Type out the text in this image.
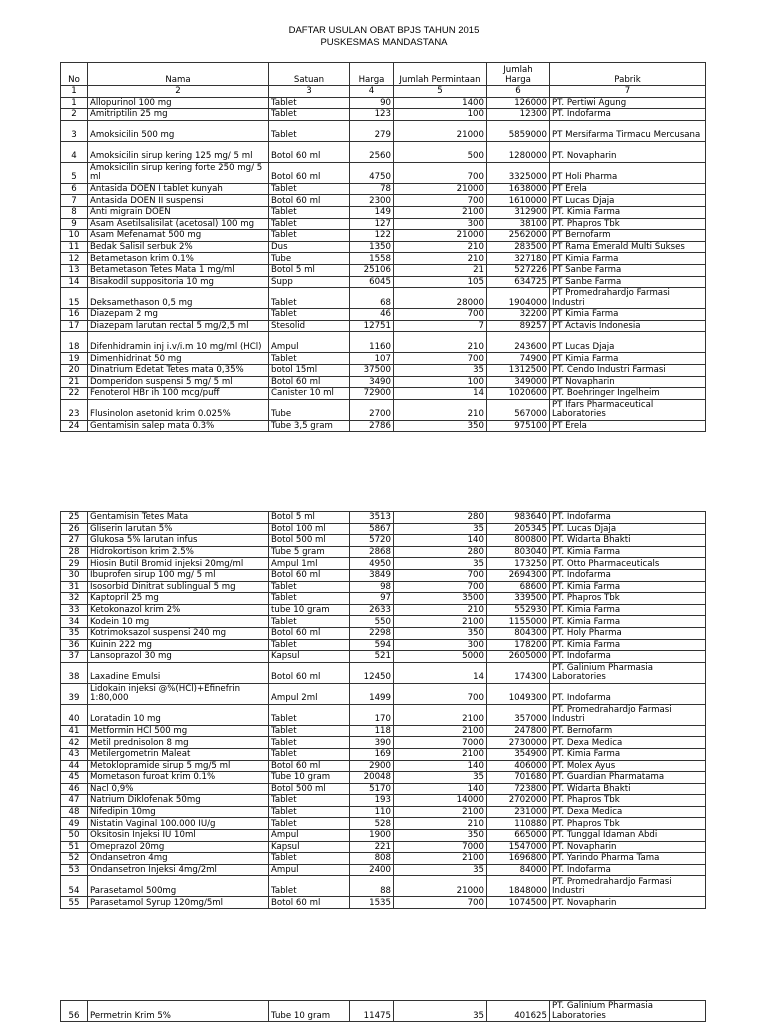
DAFTAR USULAN OBAT BPJS TAHUN 2015
PUSKESMAS MANDASTANA
No	Nama	Satuan	Harga	Jumlah Permintaan	Jumlah Harga	Pabrik
1	2	3	4	5	6	7
1	Allopurinol 100 mg	Tablet	90	1400	126000	PT. Pertiwi Agung
2	Amitriptilin 25 mg	Tablet	123	100	12300	PT. Indofarma
3	Amoksicilin 500 mg	Tablet	279	21000	5859000	PT Mersifarma Tirmacu Mercusana
4	Amoksicilin sirup kering 125 mg/ 5 ml	Botol 60 ml	2560	500	1280000	PT. Novapharin
5	Amoksicilin sirup kering forte 250 mg/ 5 ml	Botol 60 ml	4750	700	3325000	PT Holi Pharma
6	Antasida DOEN I tablet kunyah	Tablet	78	21000	1638000	PT Erela
7	Antasida DOEN II suspensi	Botol 60 ml	2300	700	1610000	PT Lucas Djaja
8	Anti migrain DOEN	Tablet	149	2100	312900	PT. Kimia Farma
9	Asam Asetilsalisilat (acetosal) 100 mg	Tablet	127	300	38100	PT. Phapros Tbk
10	Asam Mefenamat 500 mg	Tablet	122	21000	2562000	PT Bernofarm
11	Bedak Salisil serbuk 2%	Dus	1350	210	283500	PT Rama Emerald Multi Sukses
12	Betametason krim 0.1%	Tube	1558	210	327180	PT Kimia Farma
13	Betametason Tetes Mata 1 mg/ml	Botol 5 ml	25106	21	527226	PT Sanbe Farma
14	Bisakodil suppositoria 10 mg	Supp	6045	105	634725	PT Sanbe Farma
15	Deksamethason 0,5 mg	Tablet	68	28000	1904000	PT Promedrahardjo Farmasi Industri
16	Diazepam 2 mg	Tablet	46	700	32200	PT Kimia Farma
17	Diazepam larutan rectal 5 mg/2,5 ml	Stesolid	12751	7	89257	PT Actavis Indonesia
18	Difenhidramin inj i.v/i.m 10 mg/ml (HCl)	Ampul	1160	210	243600	PT Lucas Djaja
19	Dimenhidrinat 50 mg	Tablet	107	700	74900	PT Kimia Farma
20	Dinatrium Edetat Tetes mata 0,35%	botol 15ml	37500	35	1312500	PT. Cendo Industri Farmasi
21	Domperidon suspensi 5 mg/ 5 ml	Botol 60 ml	3490	100	349000	PT Novapharin
22	Fenoterol HBr ih 100 mcg/puff	Canister 10 ml	72900	14	1020600	PT. Boehringer Ingelheim
23	Flusinolon asetonid krim 0.025%	Tube	2700	210	567000	PT Ifars Pharmaceutical Laboratories
24	Gentamisin salep mata 0.3%	Tube 3,5 gram	2786	350	975100	PT Erela
25	Gentamisin Tetes Mata	Botol 5 ml	3513	280	983640	PT. Indofarma
26	Gliserin larutan 5%	Botol 100 ml	5867	35	205345	PT. Lucas Djaja
27	Glukosa 5% larutan infus	Botol 500 ml	5720	140	800800	PT. Widarta Bhakti
28	Hidrokortison krim 2.5%	Tube 5 gram	2868	280	803040	PT. Kimia Farma
29	Hiosin Butil Bromid injeksi 20mg/ml	Ampul 1ml	4950	35	173250	PT. Otto Pharmaceuticals
30	Ibuprofen sirup 100 mg/ 5 ml	Botol 60 ml	3849	700	2694300	PT. Indofarma
31	Isosorbid Dinitrat sublingual 5 mg	Tablet	98	700	68600	PT. Kimia Farma
32	Kaptopril 25 mg	Tablet	97	3500	339500	PT. Phapros Tbk
33	Ketokonazol krim 2%	tube 10 gram	2633	210	552930	PT. Kimia Farma
34	Kodein 10 mg	Tablet	550	2100	1155000	PT. Kimia Farma
35	Kotrimoksazol suspensi 240 mg	Botol 60 ml	2298	350	804300	PT. Holy Pharma
36	Kuinin 222 mg	Tablet	594	300	178200	PT. Kimia Farma
37	Lansoprazol 30 mg	Kapsul	521	5000	2605000	PT. Indofarma
38	Laxadine Emulsi	Botol 60 ml	12450	14	174300	PT. Galinium Pharmasia Laboratories
39	Lidokain injeksi @%(HCl)+Efinefrin 1:80,000	Ampul 2ml	1499	700	1049300	PT. Indofarma
40	Loratadin 10 mg	Tablet	170	2100	357000	PT. Promedrahardjo Farmasi Industri
41	Metformin HCl 500 mg	Tablet	118	2100	247800	PT. Bernofarm
42	Metil prednisolon 8 mg	Tablet	390	7000	2730000	PT. Dexa Medica
43	Metilergometrin Maleat	Tablet	169	2100	354900	PT. Kimia Farma
44	Metoklopramide sirup 5 mg/5 ml	Botol 60 ml	2900	140	406000	PT. Molex Ayus
45	Mometason furoat krim 0.1%	Tube 10 gram	20048	35	701680	PT. Guardian Pharmatama
46	Nacl 0,9%	Botol 500 ml	5170	140	723800	PT. Widarta Bhakti
47	Natrium Diklofenak 50mg	Tablet	193	14000	2702000	PT. Phapros Tbk
48	Nifedipin 10mg	Tablet	110	2100	231000	PT. Dexa Medica
49	Nistatin Vaginal 100.000 IU/g	Tablet	528	210	110880	PT. Phapros Tbk
50	Oksitosin Injeksi IU 10ml	Ampul	1900	350	665000	PT. Tunggal Idaman Abdi
51	Omeprazol 20mg	Kapsul	221	7000	1547000	PT. Novapharin
52	Ondansetron 4mg	Tablet	808	2100	1696800	PT. Yarindo Pharma Tama
53	Ondansetron Injeksi 4mg/2ml	Ampul	2400	35	84000	PT. Indofarma
54	Parasetamol 500mg	Tablet	88	21000	1848000	PT. Promedrahardjo Farmasi Industri
55	Parasetamol Syrup 120mg/5ml	Botol 60 ml	1535	700	1074500	PT. Novapharin
56	Permetrin Krim 5%	Tube 10 gram	11475	35	401625	PT. Galinium Pharmasia Laboratories
